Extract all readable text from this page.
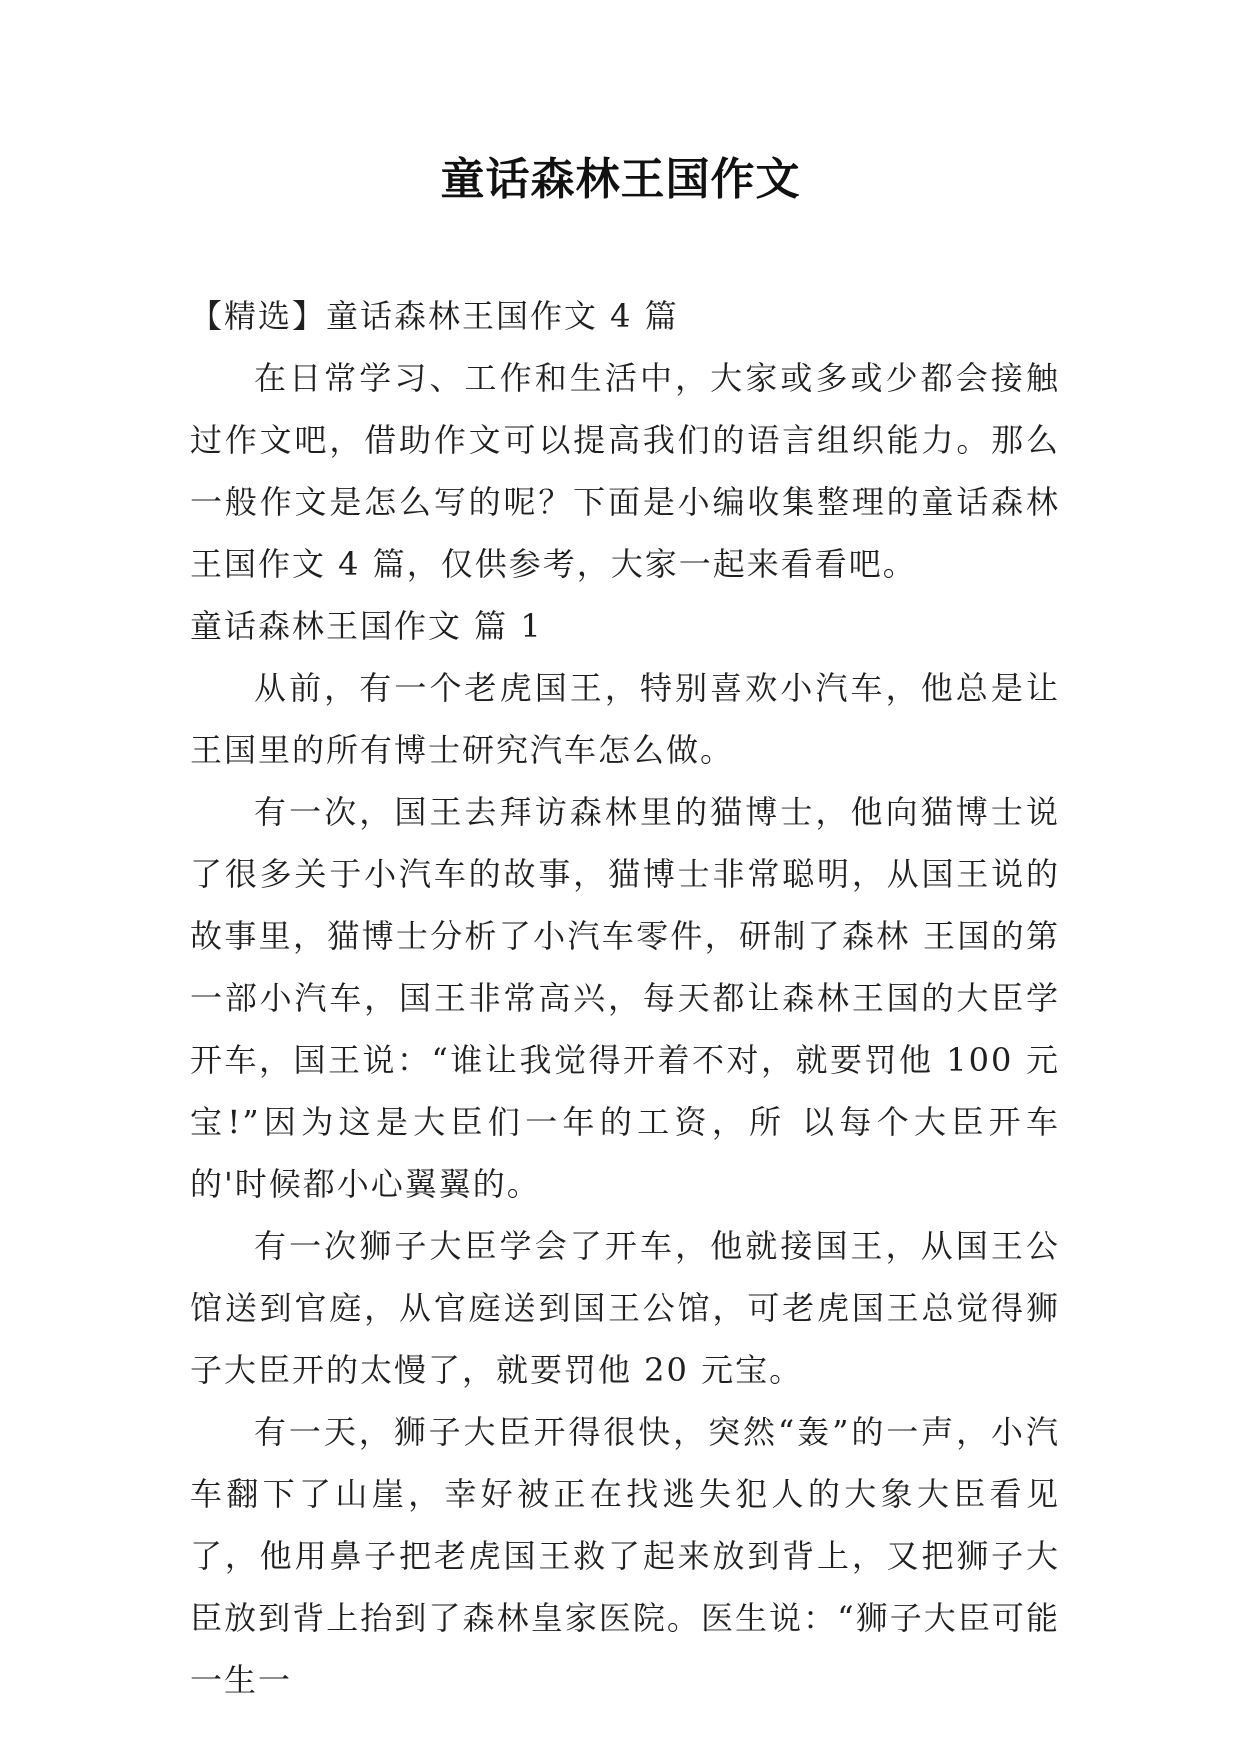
童话森林王国作文
【精选】童话森林王国作文 4 篇

在日常学习、工作和生活中，大家或多或少都会接触过作文吧，借助作文可以提高我们的语言组织能力。那么一般作文是怎么写的呢？下面是小编收集整理的童话森林王国作文 4 篇，仅供参考，大家一起来看看吧。

童话森林王国作文 篇 1

从前，有一个老虎国王，特别喜欢小汽车，他总是让王国里的所有博士研究汽车怎么做。

有一次，国王去拜访森林里的猫博士，他向猫博士说了很多关于小汽车的故事，猫博士非常聪明，从国王说的故事里，猫博士分析了小汽车零件，研制了森林 王国的第一部小汽车，国王非常高兴，每天都让森林王国的大臣学开车，国王说：“谁让我觉得开着不对，就要罚他 100 元宝!”因为这是大臣们一年的工资，所 以每个大臣开车的'时候都小心翼翼的。

有一次狮子大臣学会了开车，他就接国王，从国王公馆送到官庭，从官庭送到国王公馆，可老虎国王总觉得狮子大臣开的太慢了，就要罚他 20 元宝。

有一天，狮子大臣开得很快，突然“轰”的一声，小汽车翻下了山崖，幸好被正在找逃失犯人的大象大臣看见了，他用鼻子把老虎国王救了起来放到背上，又把狮子大臣放到背上抬到了森林皇家医院。医生说：“狮子大臣可能一生一
